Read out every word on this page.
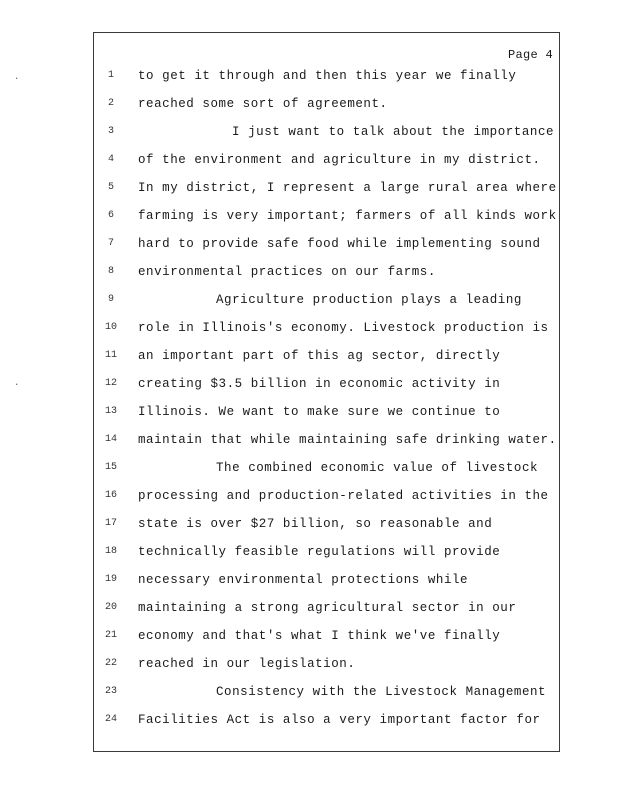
Page 4
1
2
3
4
5
6
7
8
9
10
11
12
13
14
15
16
17
18
19
20
21
22
23
24
to get it through and then this year we finally
reached some sort of agreement.
I just want to talk about the importance
of the environment and agriculture in my district.
In my district, I represent a large rural area where
farming is very important; farmers of all kinds work
hard to provide safe food while implementing sound
environmental practices on our farms.
Agriculture production plays a leading
role in Illinois's economy. Livestock production is
an important part of this ag sector, directly
creating $3.5 billion in economic activity in
Illinois. We want to make sure we continue to
maintain that while maintaining safe drinking water.
The combined economic value of livestock
processing and production-related activities in the
state is over $27 billion, so reasonable and
technically feasible regulations will provide
necessary environmental protections while
maintaining a strong agricultural sector in our
economy and that's what I think we've finally
reached in our legislation.
Consistency with the Livestock Management
Facilities Act is also a very important factor for
·
·
